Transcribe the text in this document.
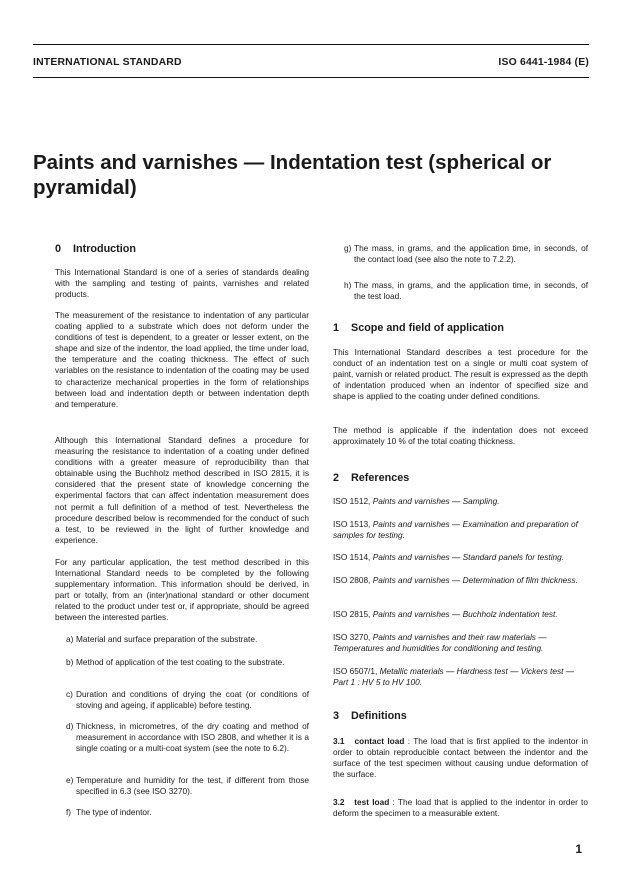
INTERNATIONAL STANDARD	ISO 6441-1984 (E)
Paints and varnishes — Indentation test (spherical or pyramidal)
0 Introduction

This International Standard is one of a series of standards dealing with the sampling and testing of paints, varnishes and related products.

The measurement of the resistance to indentation of any particular coating applied to a substrate which does not deform under the conditions of test is dependent, to a greater or lesser extent, on the shape and size of the indentor, the load applied, the time under load, the temperature and the coating thickness. The effect of such variables on the resistance to indentation of the coating may be used to characterize mechanical properties in the form of relationships between load and indentation depth or between indentation depth and temperature.

Although this International Standard defines a procedure for measuring the resistance to indentation of a coating under defined conditions with a greater measure of reproducibility than that obtainable using the Buchholz method described in ISO 2815, it is considered that the present state of knowledge concerning the experimental factors that can affect indentation measurement does not permit a full definition of a method of test. Nevertheless the procedure described below is recommended for the conduct of such a test, to be reviewed in the light of further knowledge and experience.

For any particular application, the test method described in this International Standard needs to be completed by the following supplementary information. This information should be derived, in part or totally, from an (inter)national standard or other document related to the product under test or, if appropriate, should be agreed between the interested parties.

a) Material and surface preparation of the substrate.
b) Method of application of the test coating to the substrate.
c) Duration and conditions of drying the coat (or conditions of stoving and ageing, if applicable) before testing.
d) Thickness, in micrometres, of the dry coating and method of measurement in accordance with ISO 2808, and whether it is a single coating or a multi-coat system (see the note to 6.2).
e) Temperature and humidity for the test, if different from those specified in 6.3 (see ISO 3270).
f) The type of indentor.
g) The mass, in grams, and the application time, in seconds, of the contact load (see also the note to 7.2.2).
h) The mass, in grams, and the application time, in seconds, of the test load.
1 Scope and field of application

This International Standard describes a test procedure for the conduct of an indentation test on a single or multi coat system of paint, varnish or related product. The result is expressed as the depth of indentation produced when an indentor of specified size and shape is applied to the coating under defined conditions.

The method is applicable if the indentation does not exceed approximately 10 % of the total coating thickness.

2 References

ISO 1512, Paints and varnishes — Sampling.

ISO 1513, Paints and varnishes — Examination and preparation of samples for testing.

ISO 1514, Paints and varnishes — Standard panels for testing.

ISO 2808, Paints and varnishes — Determination of film thickness.

ISO 2815, Paints and varnishes — Buchholz indentation test.

ISO 3270, Paints and varnishes and their raw materials — Temperatures and humidities for conditioning and testing.

ISO 6507/1, Metallic materials — Hardness test — Vickers test — Part 1 : HV 5 to HV 100.

3 Definitions

3.1 contact load : The load that is first applied to the indentor in order to obtain reproducible contact between the indentor and the surface of the test specimen without causing undue deformation of the surface.

3.2 test load : The load that is applied to the indentor in order to deform the specimen to a measurable extent.

1
